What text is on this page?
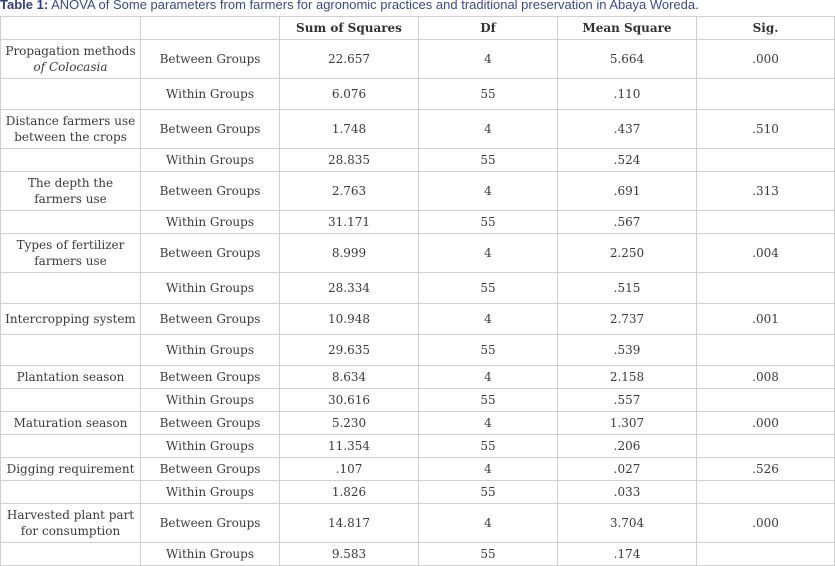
Table 1: ANOVA of Some parameters from farmers for agronomic practices and traditional preservation in Abaya Woreda.
		Sum of Squares	Df	Mean Square	Sig.
Propagation methods
of Colocasia	Between Groups	22.657	4	5.664	.000
	Within Groups	6.076	55	.110	
Distance farmers use between the crops	Between Groups	1.748	4	.437	.510
	Within Groups	28.835	55	.524	
The depth the farmers use	Between Groups	2.763	4	.691	.313
	Within Groups	31.171	55	.567	
Types of fertilizer farmers use	Between Groups	8.999	4	2.250	.004
	Within Groups	28.334	55	.515	
Intercropping system	Between Groups	10.948	4	2.737	.001
	Within Groups	29.635	55	.539	
Plantation season	Between Groups	8.634	4	2.158	.008
	Within Groups	30.616	55	.557	
Maturation season	Between Groups	5.230	4	1.307	.000
	Within Groups	11.354	55	.206	
Digging requirement	Between Groups	.107	4	.027	.526
	Within Groups	1.826	55	.033	
Harvested plant part for consumption	Between Groups	14.817	4	3.704	.000
	Within Groups	9.583	55	.174	
